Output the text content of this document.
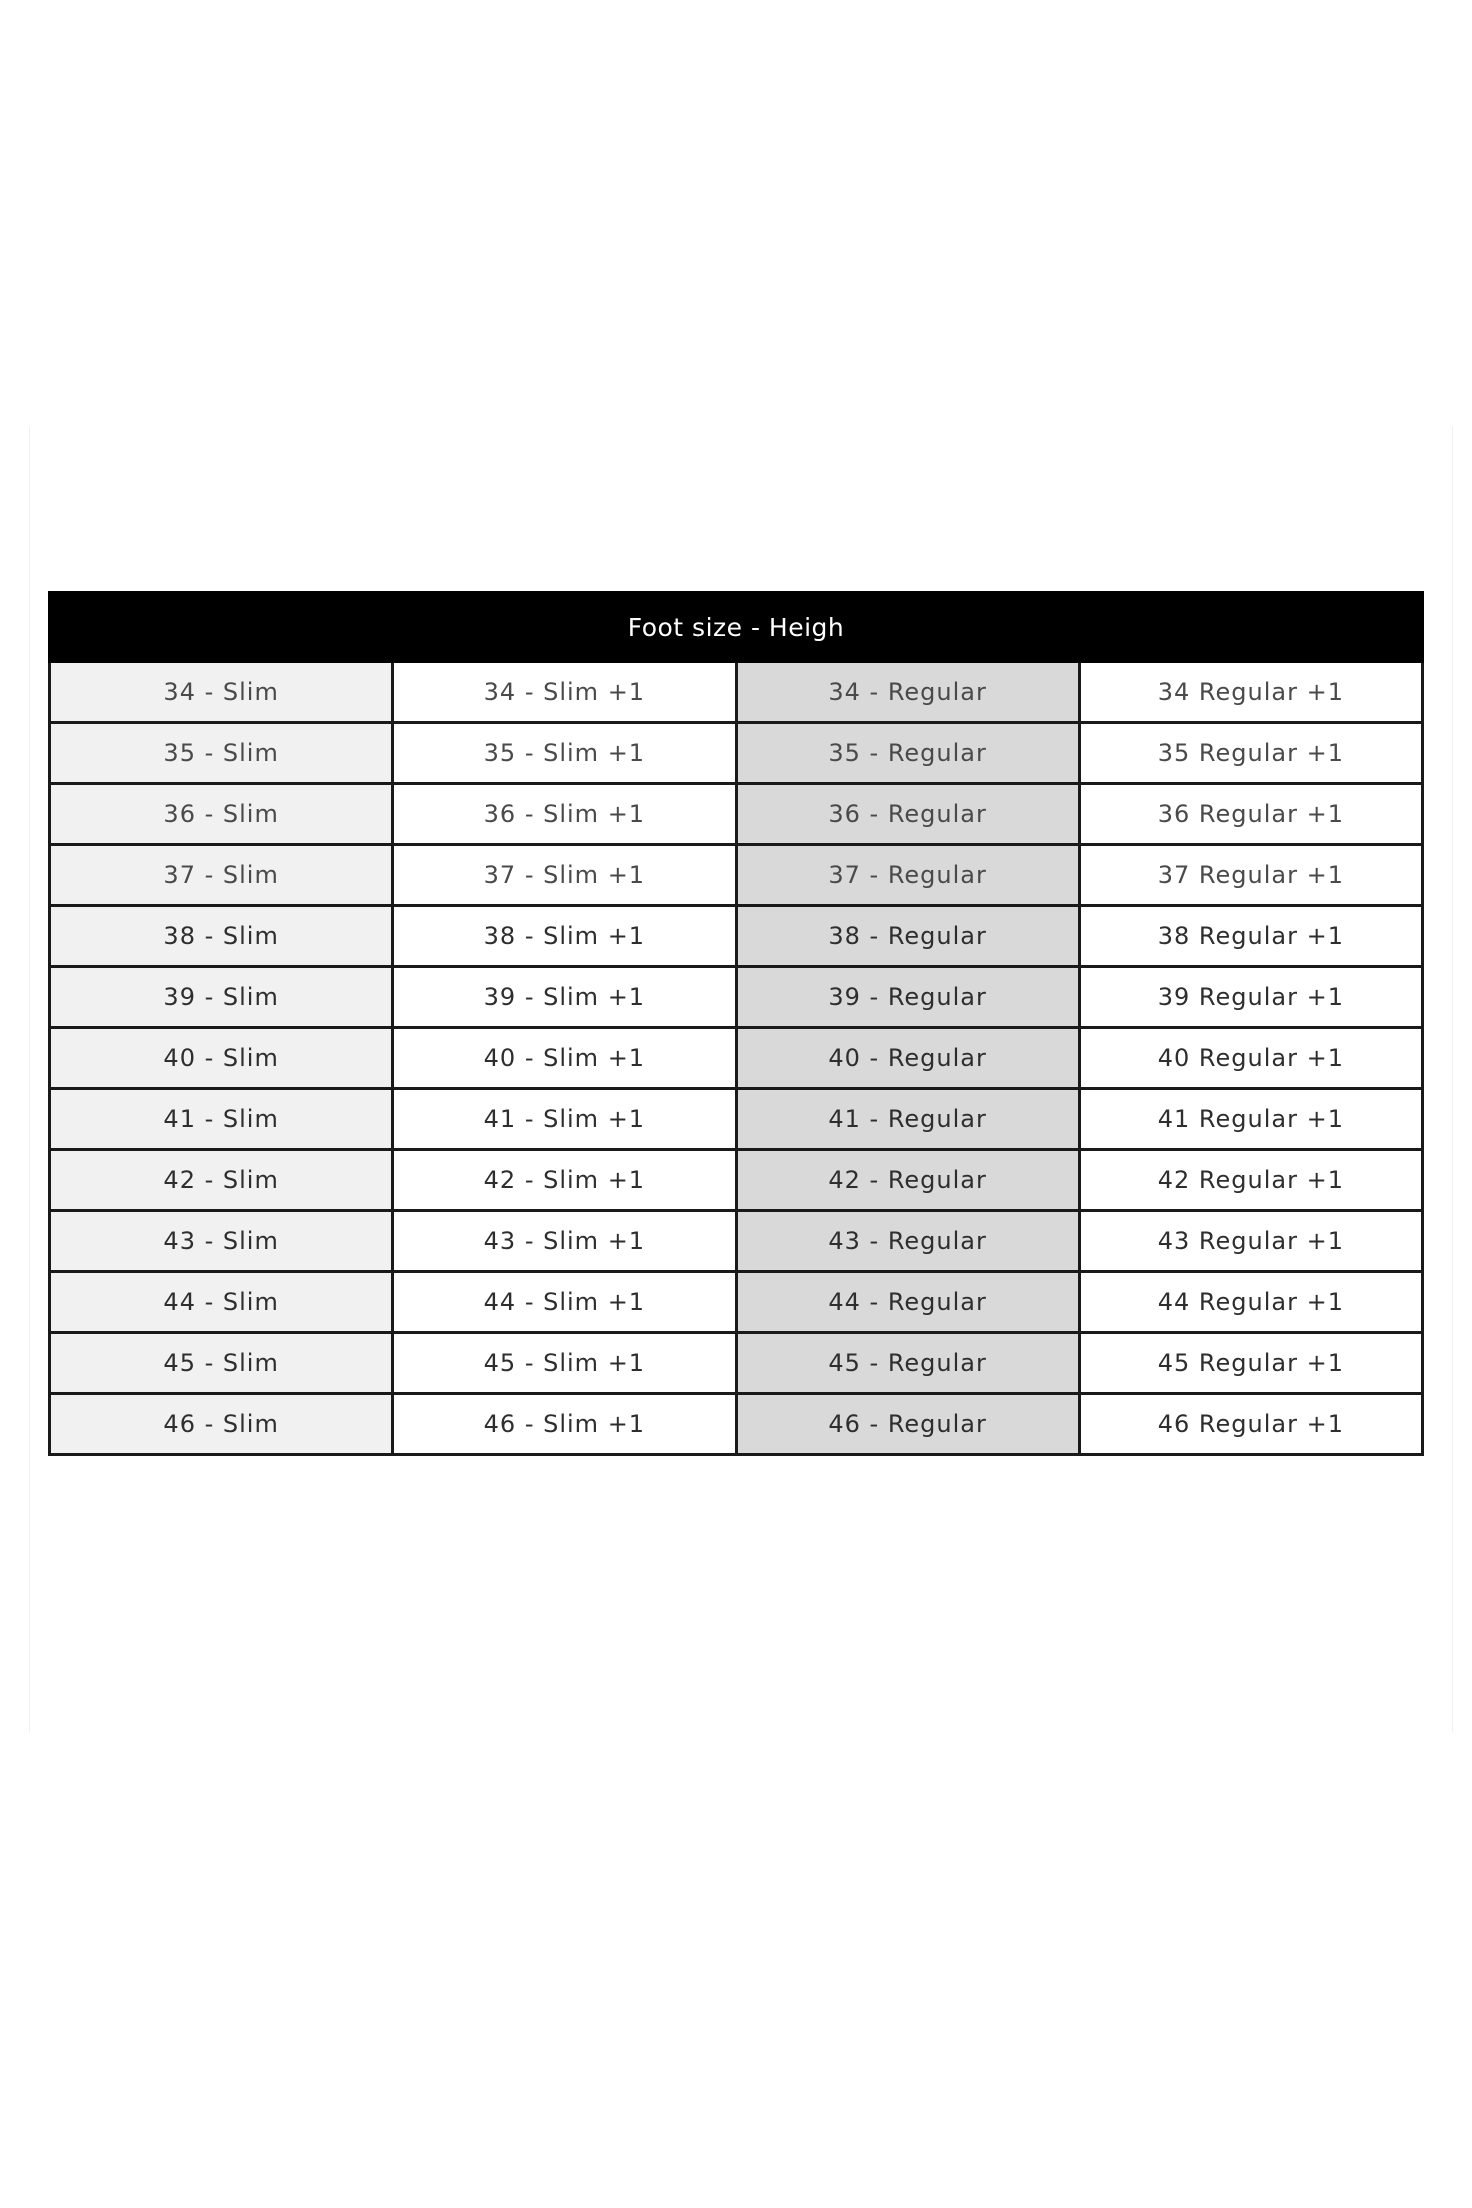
Foot size - Heigh			
34 - Slim	34 - Slim +1	34 - Regular	34 Regular +1
35 - Slim	35 - Slim +1	35 - Regular	35 Regular +1
36 - Slim	36 - Slim +1	36 - Regular	36 Regular +1
37 - Slim	37 - Slim +1	37 - Regular	37 Regular +1
38 - Slim	38 - Slim +1	38 - Regular	38 Regular +1
39 - Slim	39 - Slim +1	39 - Regular	39 Regular +1
40 - Slim	40 - Slim +1	40 - Regular	40 Regular +1
41 - Slim	41 - Slim +1	41 - Regular	41 Regular +1
42 - Slim	42 - Slim +1	42 - Regular	42 Regular +1
43 - Slim	43 - Slim +1	43 - Regular	43 Regular +1
44 - Slim	44 - Slim +1	44 - Regular	44 Regular +1
45 - Slim	45 - Slim +1	45 - Regular	45 Regular +1
46 - Slim	46 - Slim +1	46 - Regular	46 Regular +1
